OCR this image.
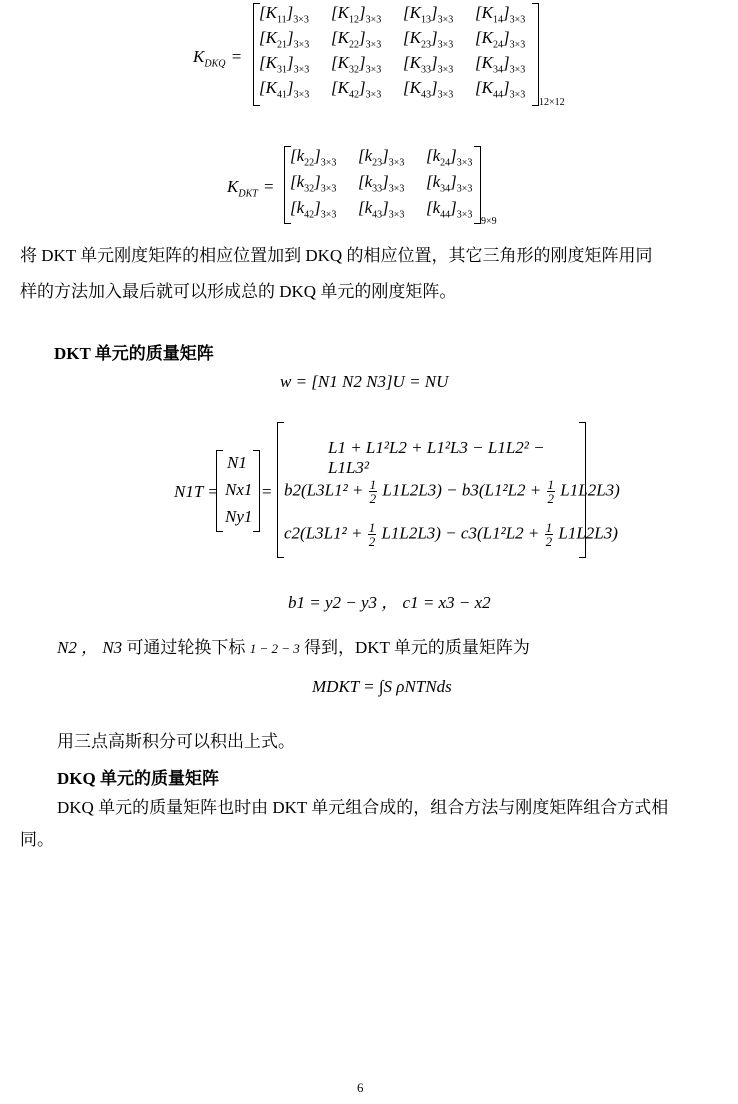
$K_{DKQ}$ =
$[K_{11}]_{3\times 3}$ $[K_{12}]_{3\times 3}$ $[K_{13}]_{3\times 3}$ $[K_{14}]_{3\times 3}$
$[K_{21}]_{3\times 3}$ $[K_{22}]_{3\times 3}$ $[K_{23}]_{3\times 3}$ $[K_{24}]_{3\times 3}$
$[K_{31}]_{3\times 3}$ $[K_{32}]_{3\times 3}$ $[K_{33}]_{3\times 3}$ $[K_{34}]_{3\times 3}$
$[K_{41}]_{3\times 3}$ $[K_{42}]_{3\times 3}$ $[K_{43}]_{3\times 3}$ $[K_{44}]_{3\times 3}$
12×12
$K_{DKT}$ =
$[k_{22}]_{3\times 3}$ $[k_{23}]_{3\times 3}$ $[k_{24}]_{3\times 3}$
$[k_{32}]_{3\times 3}$ $[k_{33}]_{3\times 3}$ $[k_{34}]_{3\times 3}$
$[k_{42}]_{3\times 3}$ $[k_{43}]_{3\times 3}$ $[k_{44}]_{3\times 3}$
9×9
将 DKT 单元刚度矩阵的相应位置加到 DKQ 的相应位置，其它三角形的刚度矩阵用同
样的方法加入最后就可以形成总的 DKQ 单元的刚度矩阵。
DKT 单元的质量矩阵
w = [N1 N2 N3]U = NU
N1T =
N1
Nx1
Ny1
=
L1 + L1²L2 + L1²L3 − L1L2² − L1L3²
$b2(L3L1^2 + \frac{1}{2} L1L2L3) - b3(L1^2L2 + \frac{1}{2} L1L2L3)$
$c2(L3L1^2 + \frac{1}{2} L1L2L3) - c3(L1^2L2 + \frac{1}{2} L1L2L3)$
b1 = y2 − y3 ， c1 = x3 − x2
N2 ， N3 可通过轮换下标 1 − 2 − 3 得到，DKT 单元的质量矩阵为
MDKT = ∫S ρNTNds
用三点高斯积分可以积出上式。
DKQ 单元的质量矩阵
DKQ 单元的质量矩阵也时由 DKT 单元组合成的，组合方法与刚度矩阵组合方式相
同。
6
